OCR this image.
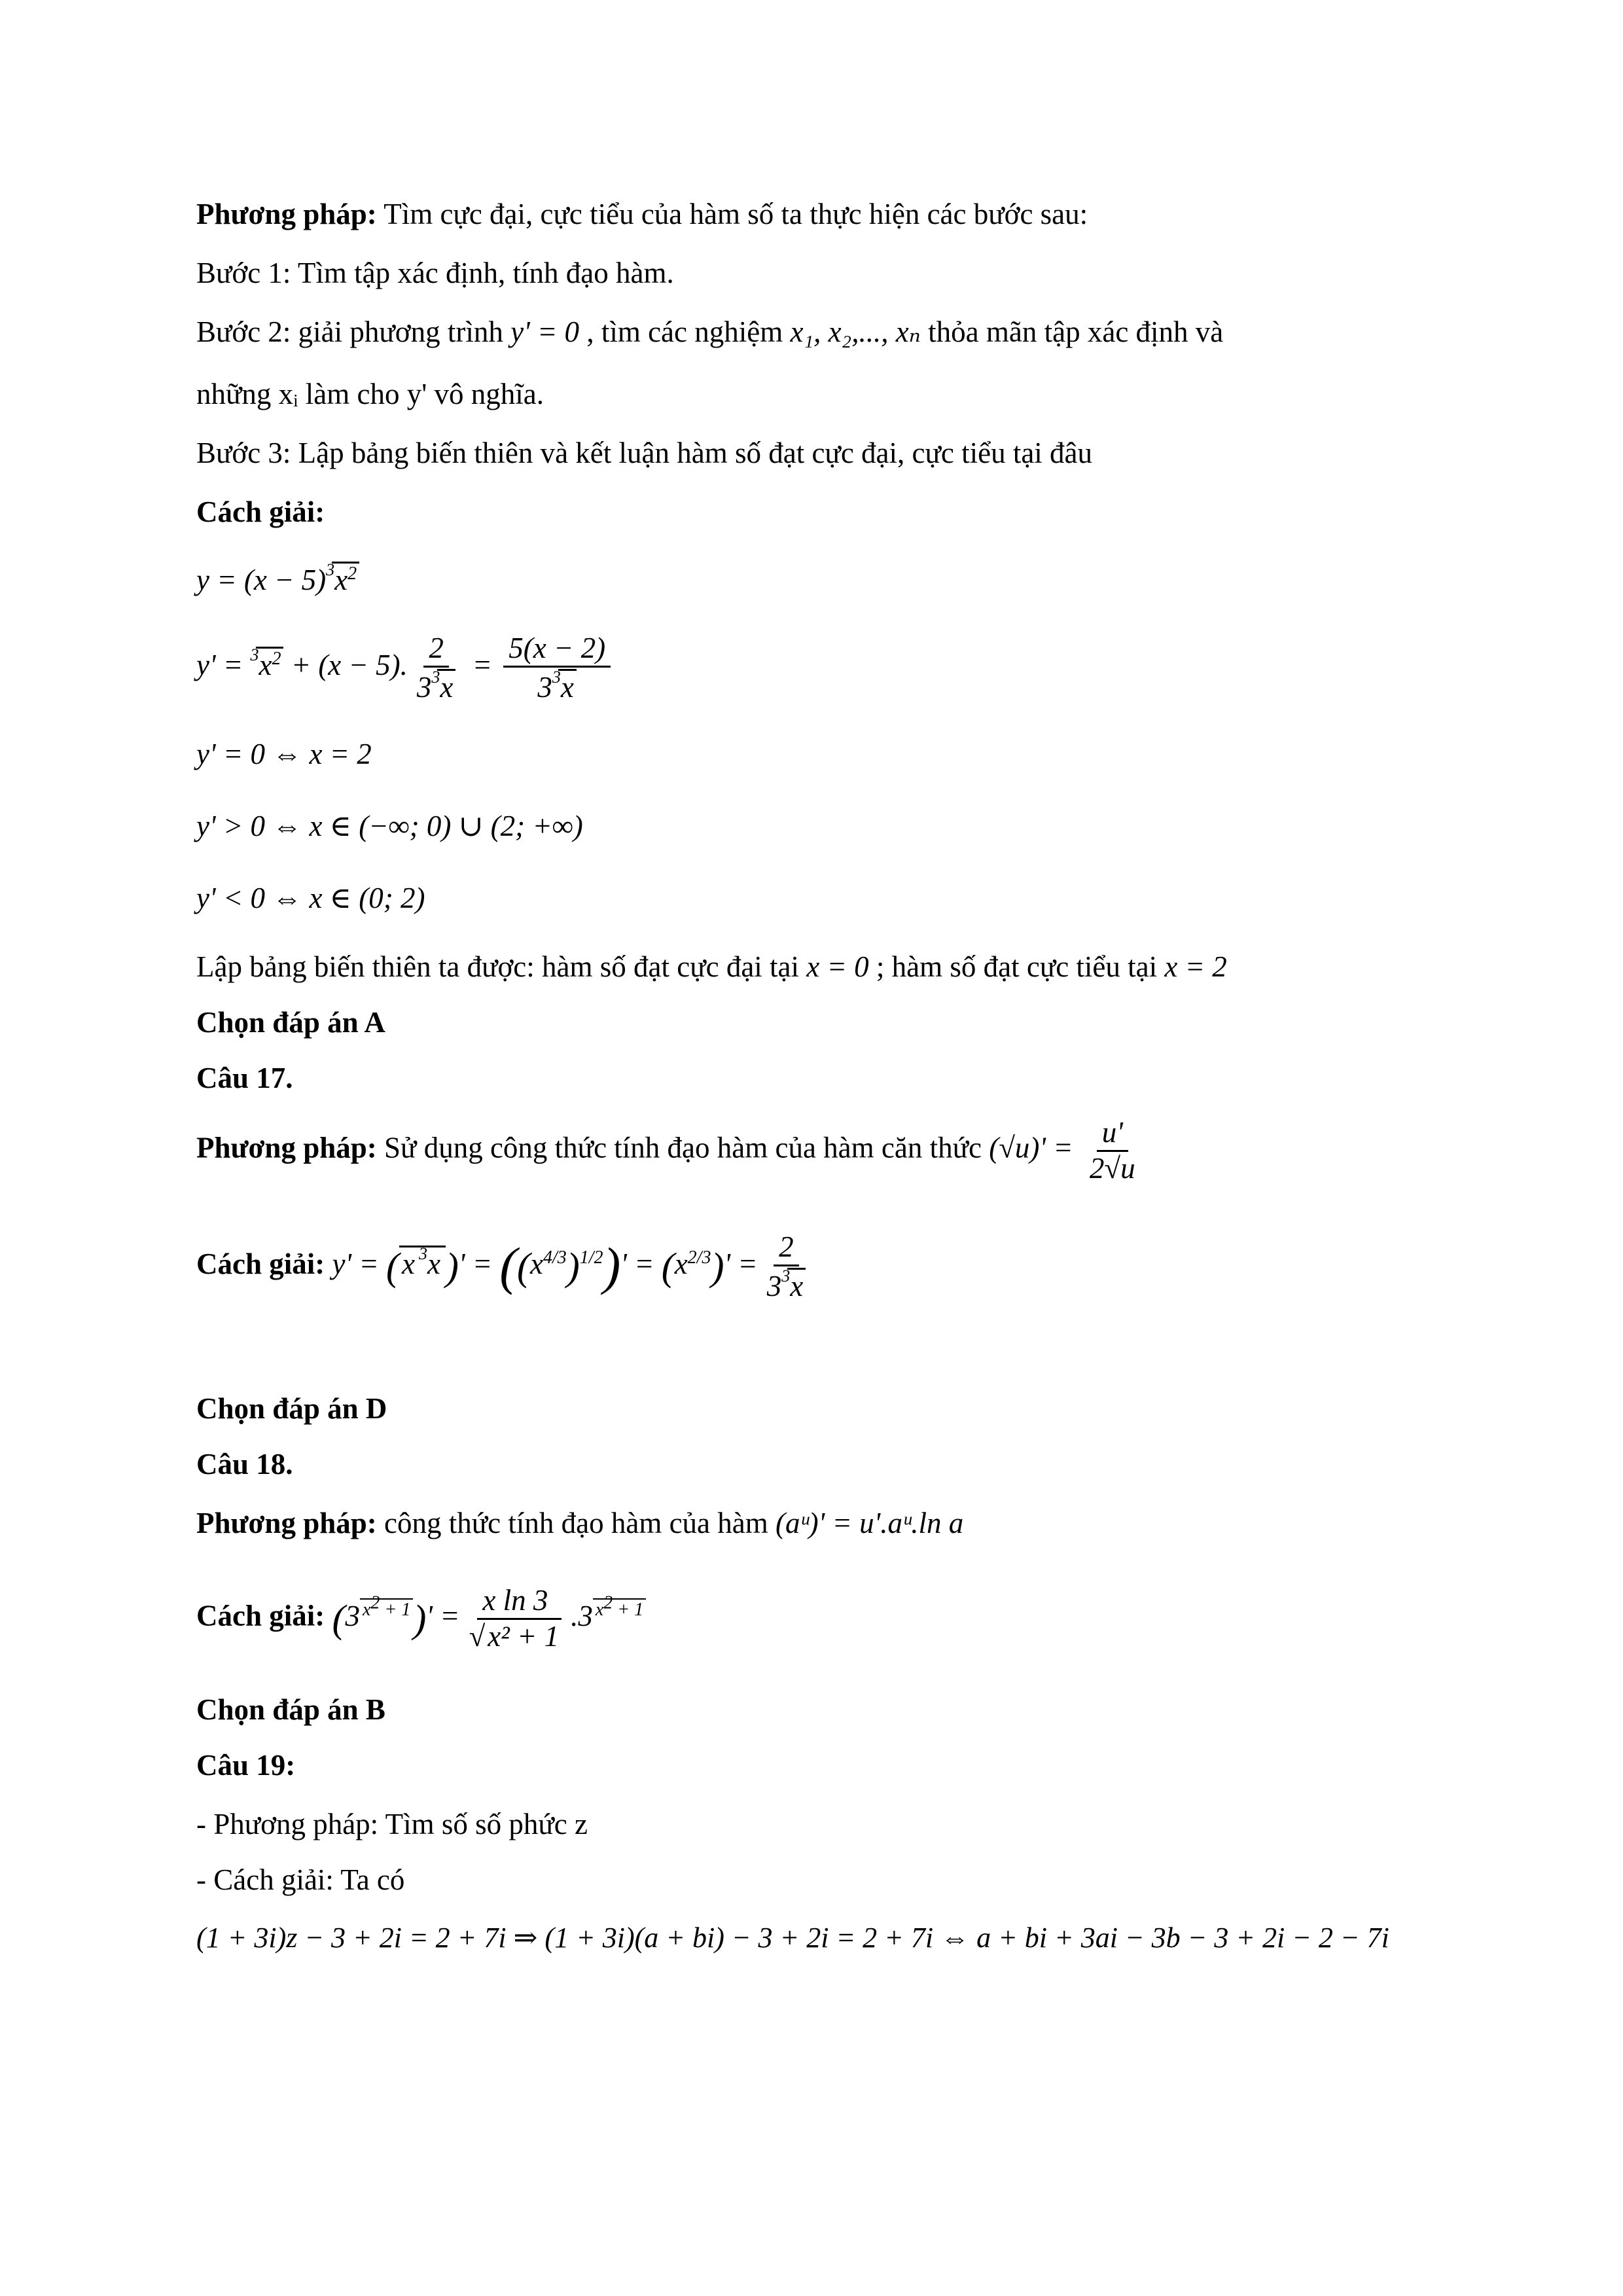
Phương pháp: Tìm cực đại, cực tiểu của hàm số ta thực hiện các bước sau:
Bước 1: Tìm tập xác định, tính đạo hàm.
Bước 2: giải phương trình y' = 0 , tìm các nghiệm x₁, x₂,..., xₙ thỏa mãn tập xác định và
những xᵢ làm cho y' vô nghĩa.
Bước 3: Lập bảng biến thiên và kết luận hàm số đạt cực đại, cực tiểu tại đâu
Cách giải:
$y = (x - 5)^3x^2$
$y' = ^3x^2 + (x - 5)$. $\frac{2}{3^3x} = \frac{5(x - 2)}{3^3x}$
y' = 0 ⇔ x = 2
y' > 0 ⇔ x ∈ (−∞; 0) ∪ (2; +∞)
y' < 0 ⇔ x ∈ (0; 2)
Lập bảng biến thiên ta được: hàm số đạt cực đại tại x = 0 ; hàm số đạt cực tiểu tại x = 2
Chọn đáp án A
Câu 17.
Phương pháp: Sử dụng công thức tính đạo hàm của hàm căn thức $(√u)' = \frac{u'}{2√u}$
Cách giải: y' = (x $^3$x )' = $((x^{4/3})^{1/2})' = (x^{2/3})' = \frac{2}{3^3x}$
Chọn đáp án D
Câu 18.
Phương pháp: công thức tính đạo hàm của hàm (aᵘ)' = u'.aᵘ.ln a
Cách giải: (3 $^{x^2 + 1})' = \frac{\text{x ln 3}}{\text{√x² + 1}} .3$ $^{x^2 + 1}$
Chọn đáp án B
Câu 19:
- Phương pháp: Tìm số số phức z
- Cách giải: Ta có
(1 + 3i)z − 3 + 2i = 2 + 7i ⇒ (1 + 3i)(a + bi) − 3 + 2i = 2 + 7i ⇔ a + bi + 3ai − 3b − 3 + 2i − 2 − 7i
